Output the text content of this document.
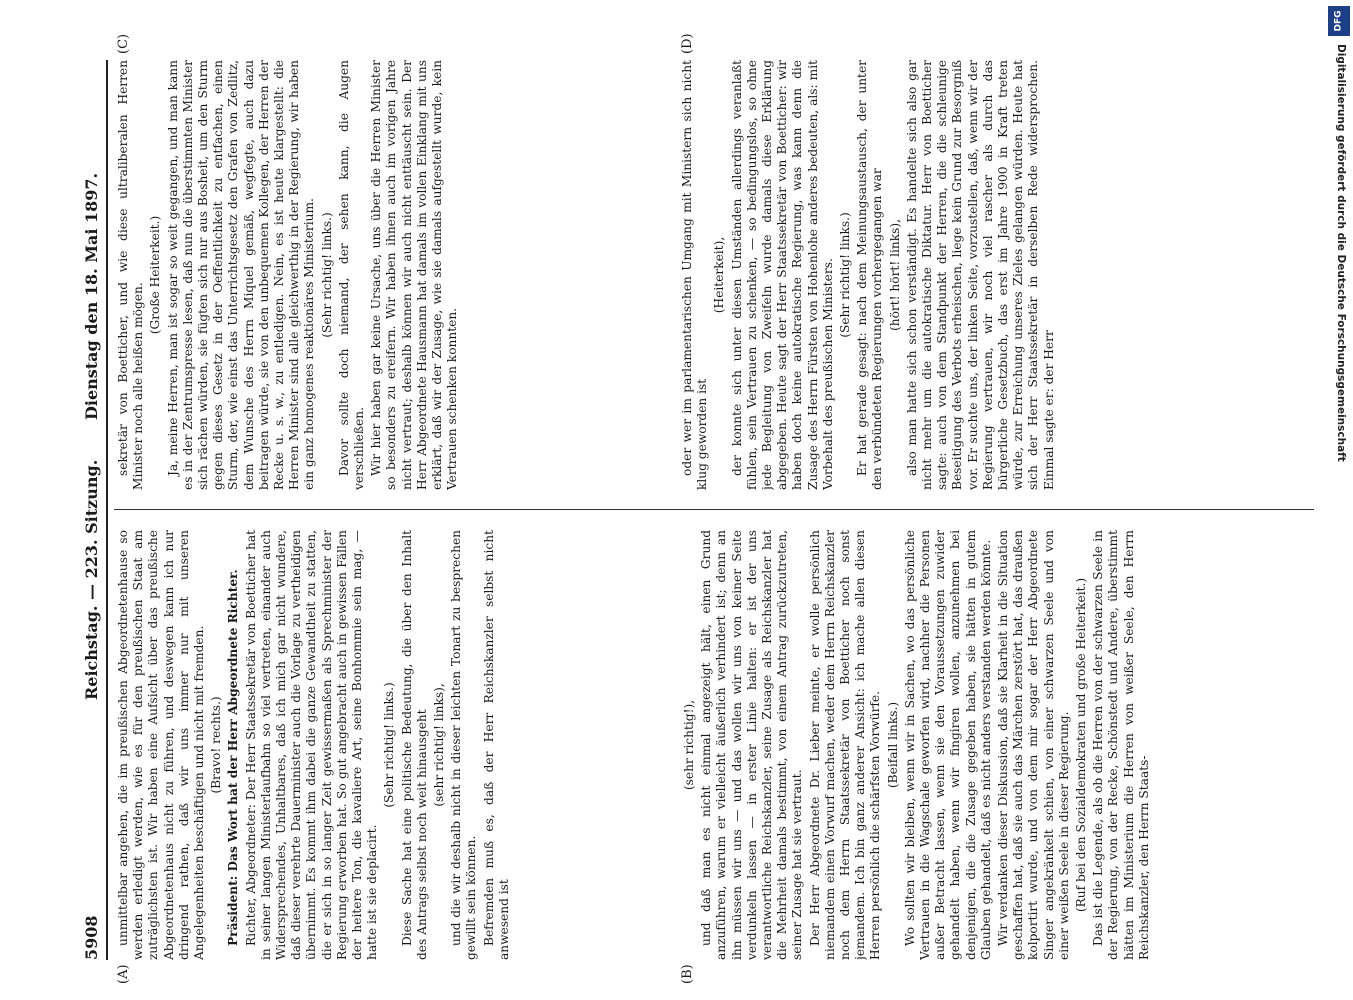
5908
Reichstag. — 223. Sitzung.
Dienstag den 18. Mai 1897.
(A)	(B)
(C)	(D)

unmittelbar angehen, die im preußischen Abgeordnetenhause so werden erledigt werden, wie es für den preußischen Staat am zuträglichsten ist. Wir haben eine Aufsicht über das preußische Abgeordnetenhaus nicht zu führen, und deswegen kann ich nur dringend rathen, daß wir uns immer nur mit unseren Angelegenheiten beschäftigen und nicht mit fremden. (Bravo! rechts.) Präsident: Das Wort hat der Herr Abgeordnete Richter. Richter, Abgeordneter: Der Herr Staatssekretär von Boetticher hat in seiner langen Ministerlaufbahn so viel vertreten, einander auch Widersprechendes, Unhaltbares, daß ich mich gar nicht wundere, daß dieser verehrte Dauerminister auch die Vorlage zu vertheidigen übernimmt. Es kommt ihm dabei die ganze Gewandtheit zu statten, die er sich in so langer Zeit gewissermaßen als Sprechminister der Regierung erworben hat. So gut angebracht auch in gewissen Fällen der heitere Ton, die kavaliere Art, seine Bonhommie sein mag, — hatte ist sie deplacirt.

(Sehr richtig! links.) Diese Sache hat eine politische Bedeutung, die über den Inhalt des Antrags selbst noch weit hinausgeht (sehr richtig! links), und die wir deshalb nicht in dieser leichten Tonart zu besprechen gewillt sein können. Befremden muß es, daß der Herr Reichskanzler selbst nicht anwesend ist

sekretär von Boetticher, und wie diese ultraliberalen Herren Minister noch alle heißen mögen.

(Große Heiterkeit.) Ja, meine Herren, man ist sogar so weit gegangen, und man kann es in der Zentrumspresse lesen, daß nun die überstimmten Minister sich rächen würden, sie fügten sich nur aus Bosheit, um den Sturm gegen dieses Gesetz in der Oeffentlichkeit zu entfachen, einen Sturm, der, wie einst das Unterrichtsgesetz den Grafen von Zedlitz, dem Wunsche des Herrn Miquel gemäß, wegfegte, auch dazu beitragen würde, sie von den unbequemen Kollegen, der Herren der Recke u. s. w., zu entledigen. Nein, es ist heute klargestellt: die Herren Minister sind alle gleichwerthig in der Regierung, wir haben ein ganz homogenes reaktionäres Ministerium. (Sehr richtig! links.) Davor sollte doch niemand, der sehen kann, die Augen verschließen. Wir hier haben gar keine Ursache, uns über die Herren Minister so besonders zu ereifern. Wir haben ihnen auch im vorigen Jahre nicht vertraut; deshalb können wir auch nicht enttäuscht sein. Der Herr Abgeordnete Hausmann hat damals im vollen Einklang mit uns erklärt, daß wir der Zusage, wie sie damals aufgestellt wurde, kein Vertrauen schenken konnten.

(sehr richtig!), und daß man es nicht einmal angezeigt hält, einen Grund anzuführen, warum er vielleicht äußerlich verhindert ist; denn an ihn müssen wir uns — und das wollen wir uns von keiner Seite verdunkeln lassen — in erster Linie halten: er ist der uns verantwortliche Reichskanzler, seine Zusage als Reichskanzler hat die Mehrheit damals bestimmt, von einem Antrag zurückzutreten, seiner Zusage hat sie vertraut. Der Herr Abgeordnete Dr. Lieber meinte, er wolle persönlich niemandem einen Vorwurf machen, weder dem Herrn Reichskanzler noch dem Herrn Staatssekretär von Boetticher noch sonst jemandem. Ich bin ganz anderer Ansicht: ich mache allen diesen Herren persönlich die schärfsten Vorwürfe. (Beifall links.) Wo sollten wir bleiben, wenn wir in Sachen, wo das persönliche Vertrauen in die Wagschale geworfen wird, nachher die Personen außer Betracht lassen, wenn sie den Voraussetzungen zuwider gehandelt haben, wenn wir fingiren wollen, anzunehmen bei denjenigen, die die Zusage gegeben haben, sie hätten in gutem Glauben gehandelt, daß es nicht anders verstanden werden könnte. Wir verdanken dieser Diskussion, daß sie Klarheit in die Situation geschaffen hat, daß sie auch das Märchen zerstört hat, das draußen kolportirt wurde, und von dem mir sogar der Herr Abgeordnete Singer angekränkelt schien, von einer schwarzen Seele und von einer weißen Seele in dieser Regierung. (Ruf bei den Sozialdemokraten und große Heiterkeit.) Das ist die Legende, als ob die Herren von der schwarzen Seele in der Regierung, von der Recke, Schönstedt und Andere, überstimmt hätten im Ministerium die Herren von weißer Seele, den Herrn Reichskanzler, den Herrn Staats-

oder wer im parlamentarischen Umgang mit Ministern sich nicht klug geworden ist

(Heiterkeit), der konnte sich unter diesen Umständen allerdings veranlaßt fühlen, sein Vertrauen zu schenken, — so bedingungslos, so ohne jede Begleitung von Zweifeln wurde damals diese Erklärung abgegeben. Heute sagt der Herr Staatssekretär von Boetticher: wir haben doch keine autokratische Regierung, was kann denn die Zusage des Herrn Fürsten von Hohenlohe anderes bedeuten, als: mit Vorbehalt des preußischen Ministers. (Sehr richtig! links.) Er hat gerade gesagt: nach dem Meinungsaustausch, der unter den verbündeten Regierungen vorhergegangen war (hört! hört! links), also man hatte sich schon verständigt. Es handelte sich also gar nicht mehr um die autokratische Diktatur. Herr von Boetticher sagte: auch von dem Standpunkt der Herren, die die schleunige Beseitigung des Verbots erheischen, liege kein Grund zur Besorgniß vor. Er suchte uns, der linken Seite, vorzustellen, daß, wenn wir der Regierung vertrauen, wir noch viel rascher als durch das bürgerliche Gesetzbuch, das erst im Jahre 1900 in Kraft treten würde, zur Erreichung unseres Zieles gelangen würden. Heute hat sich der Herr Staatssekretär in derselben Rede widersprochen. Einmal sagte er: der Herr

DFG
Digitalisierung gefördert durch die Deutsche Forschungsgemeinschaft
